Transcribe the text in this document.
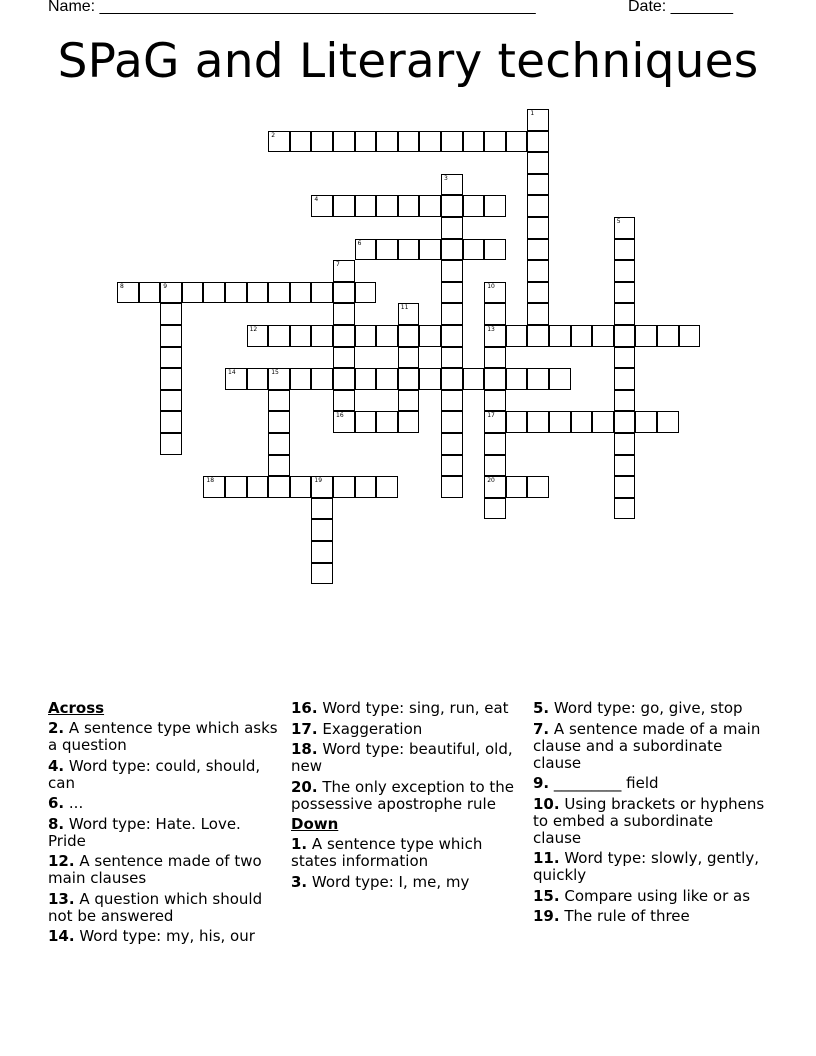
Name: _________________________________________________	Date: _______
SPaG and Literary techniques
1
2
3
4
5
6
7
8	9	10
13
17
20
11
12
14	15
16
18	19
Across
2. A sentence type which asks a question
4. Word type: could, should, can
6. ...
8. Word type: Hate. Love. Pride
12. A sentence made of two main clauses
13. A question which should not be answered
14. Word type: my, his, our
16. Word type: sing, run, eat
17. Exaggeration
18. Word type: beautiful, old, new
20. The only exception to the possessive apostrophe rule
Down
1. A sentence type which states information
3. Word type: I, me, my
5. Word type: go, give, stop
7. A sentence made of a main clause and a subordinate clause
9. _________ field
10. Using brackets or hyphens to embed a subordinate clause
11. Word type: slowly, gently, quickly
15. Compare using like or as
19. The rule of three
